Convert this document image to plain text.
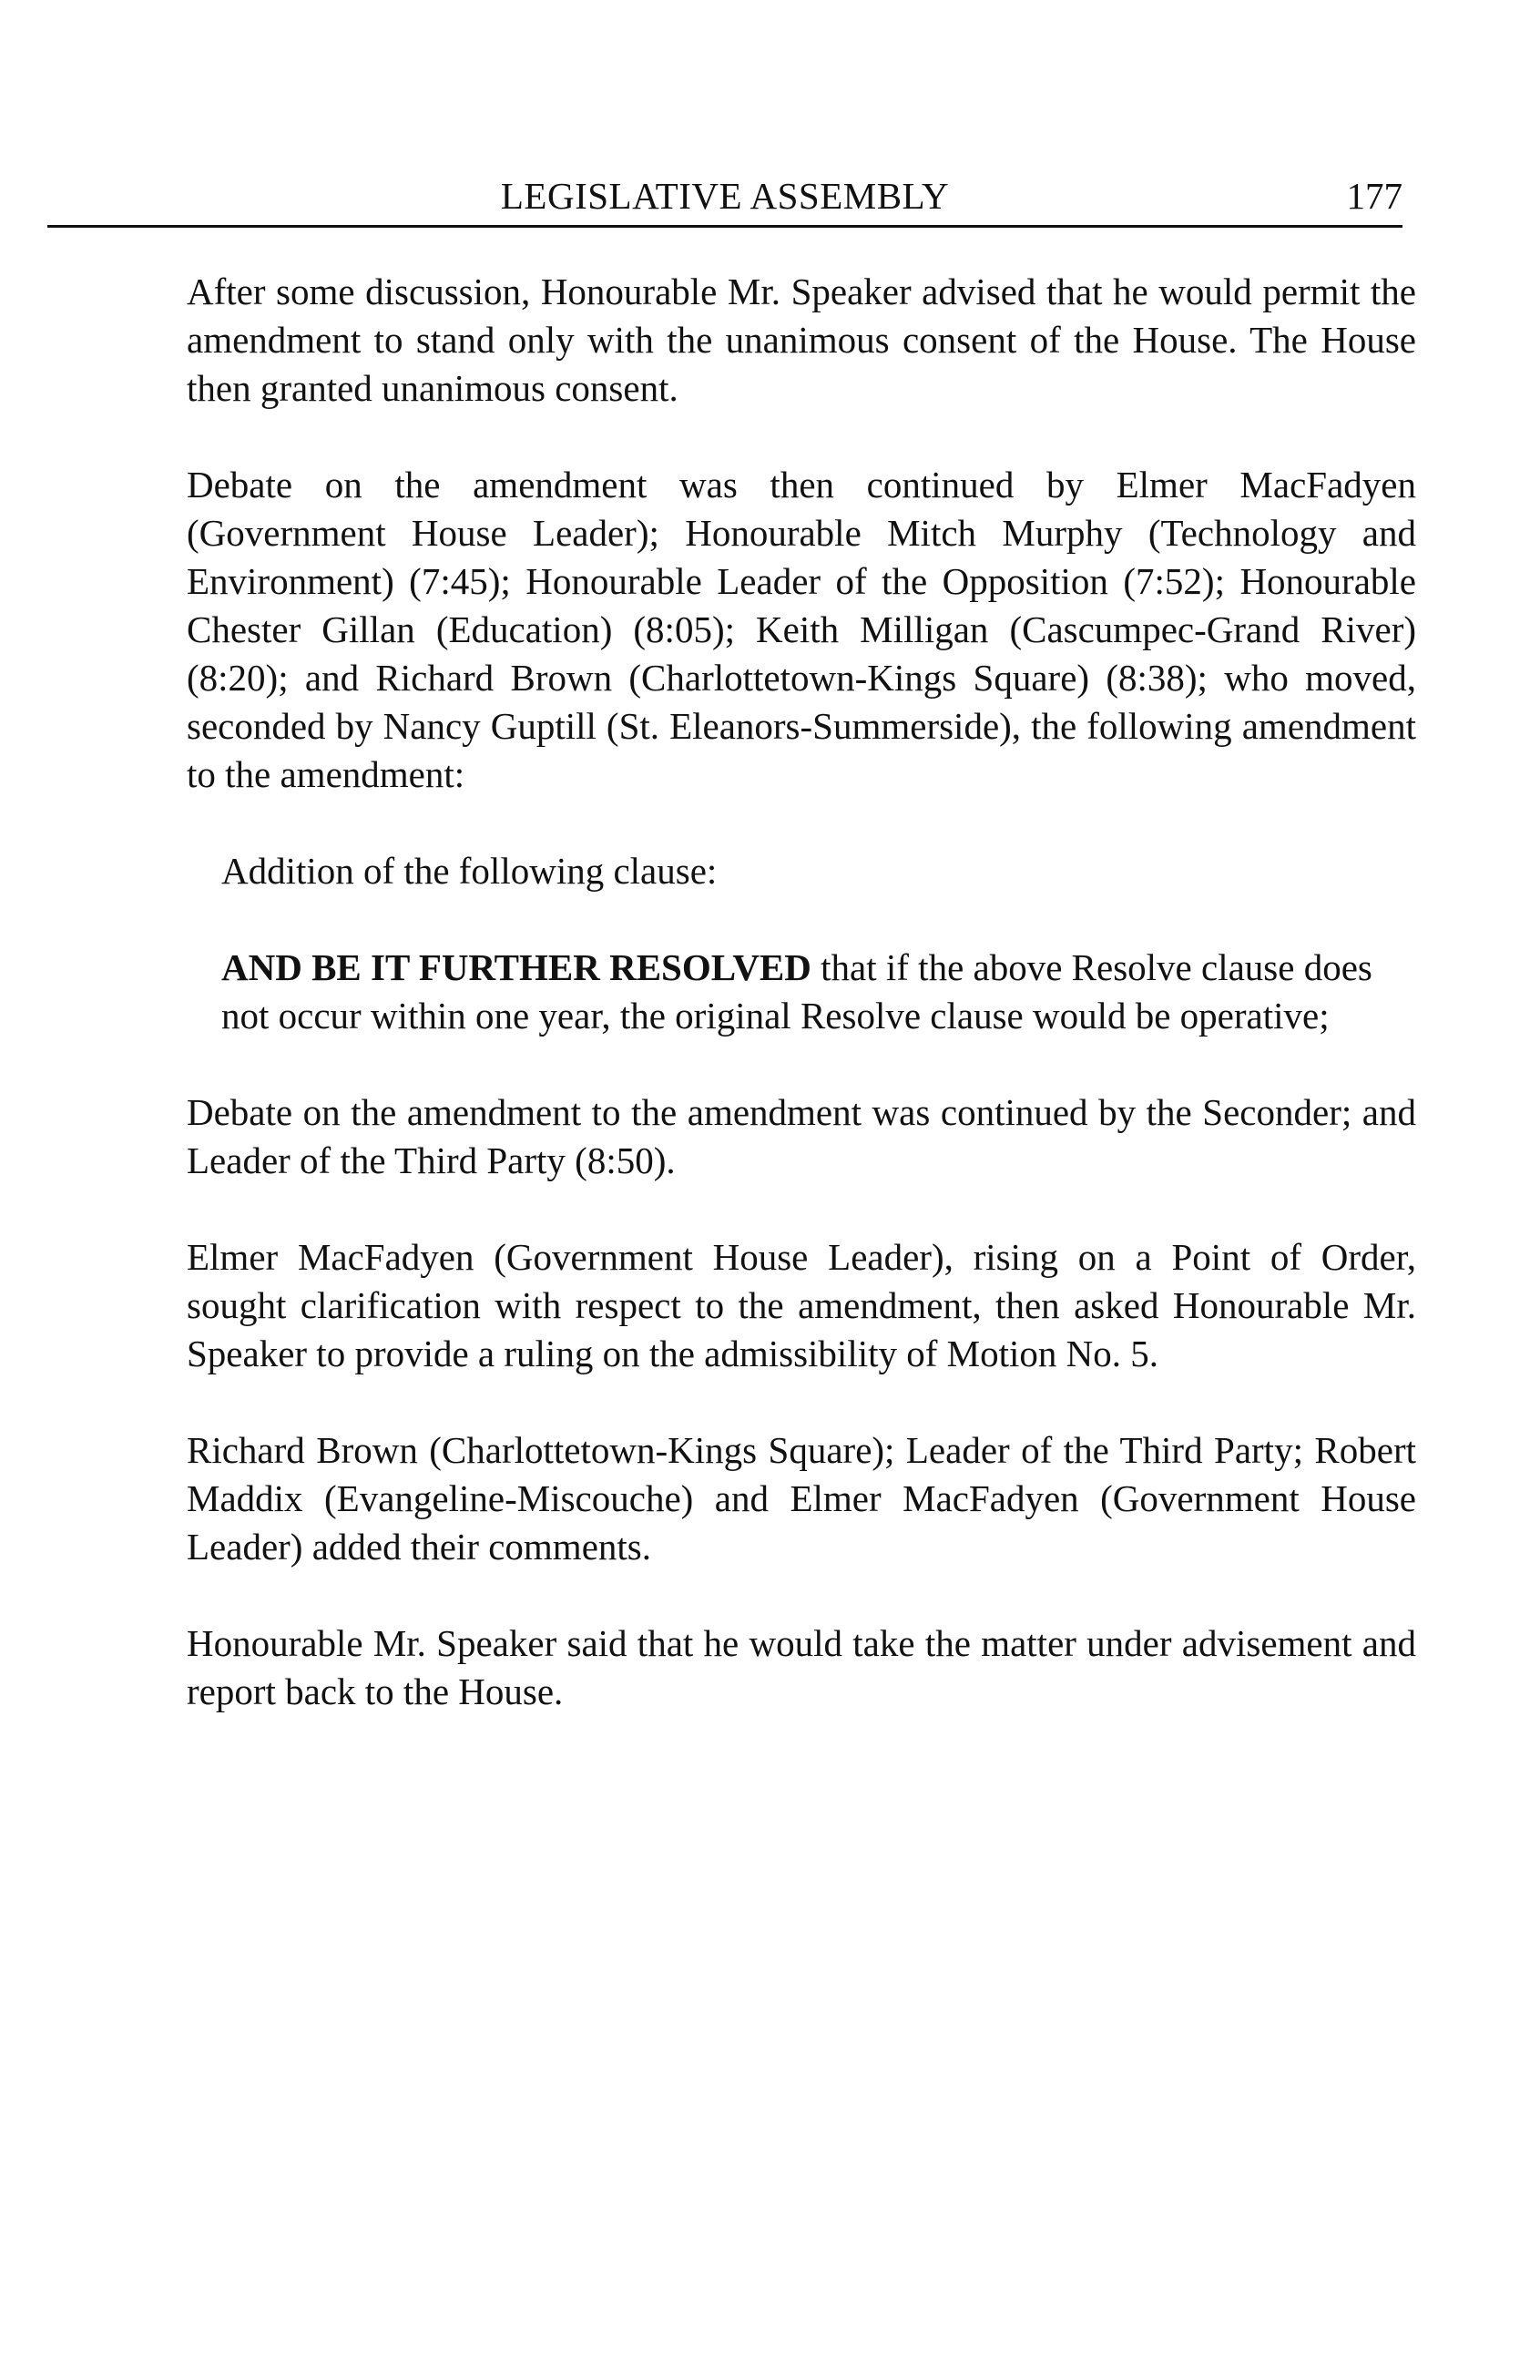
LEGISLATIVE ASSEMBLY	177

After some discussion, Honourable Mr. Speaker advised that he would permit the amendment to stand only with the unanimous consent of the House. The House then granted unanimous consent.

Debate on the amendment was then continued by Elmer MacFadyen (Government House Leader); Honourable Mitch Murphy (Technology and Environment) (7:45); Honourable Leader of the Opposition (7:52); Honourable Chester Gillan (Education) (8:05); Keith Milligan (Cascumpec-Grand River) (8:20); and Richard Brown (Charlottetown-Kings Square) (8:38); who moved, seconded by Nancy Guptill (St. Eleanors-Summerside), the following amendment to the amendment:

Addition of the following clause:

AND BE IT FURTHER RESOLVED that if the above Resolve clause does not occur within one year, the original Resolve clause would be operative;

Debate on the amendment to the amendment was continued by the Seconder; and Leader of the Third Party (8:50).

Elmer MacFadyen (Government House Leader), rising on a Point of Order, sought clarification with respect to the amendment, then asked Honourable Mr. Speaker to provide a ruling on the admissibility of Motion No. 5.

Richard Brown (Charlottetown-Kings Square); Leader of the Third Party; Robert Maddix (Evangeline-Miscouche) and Elmer MacFadyen (Government House Leader) added their comments.

Honourable Mr. Speaker said that he would take the matter under advisement and report back to the House.
